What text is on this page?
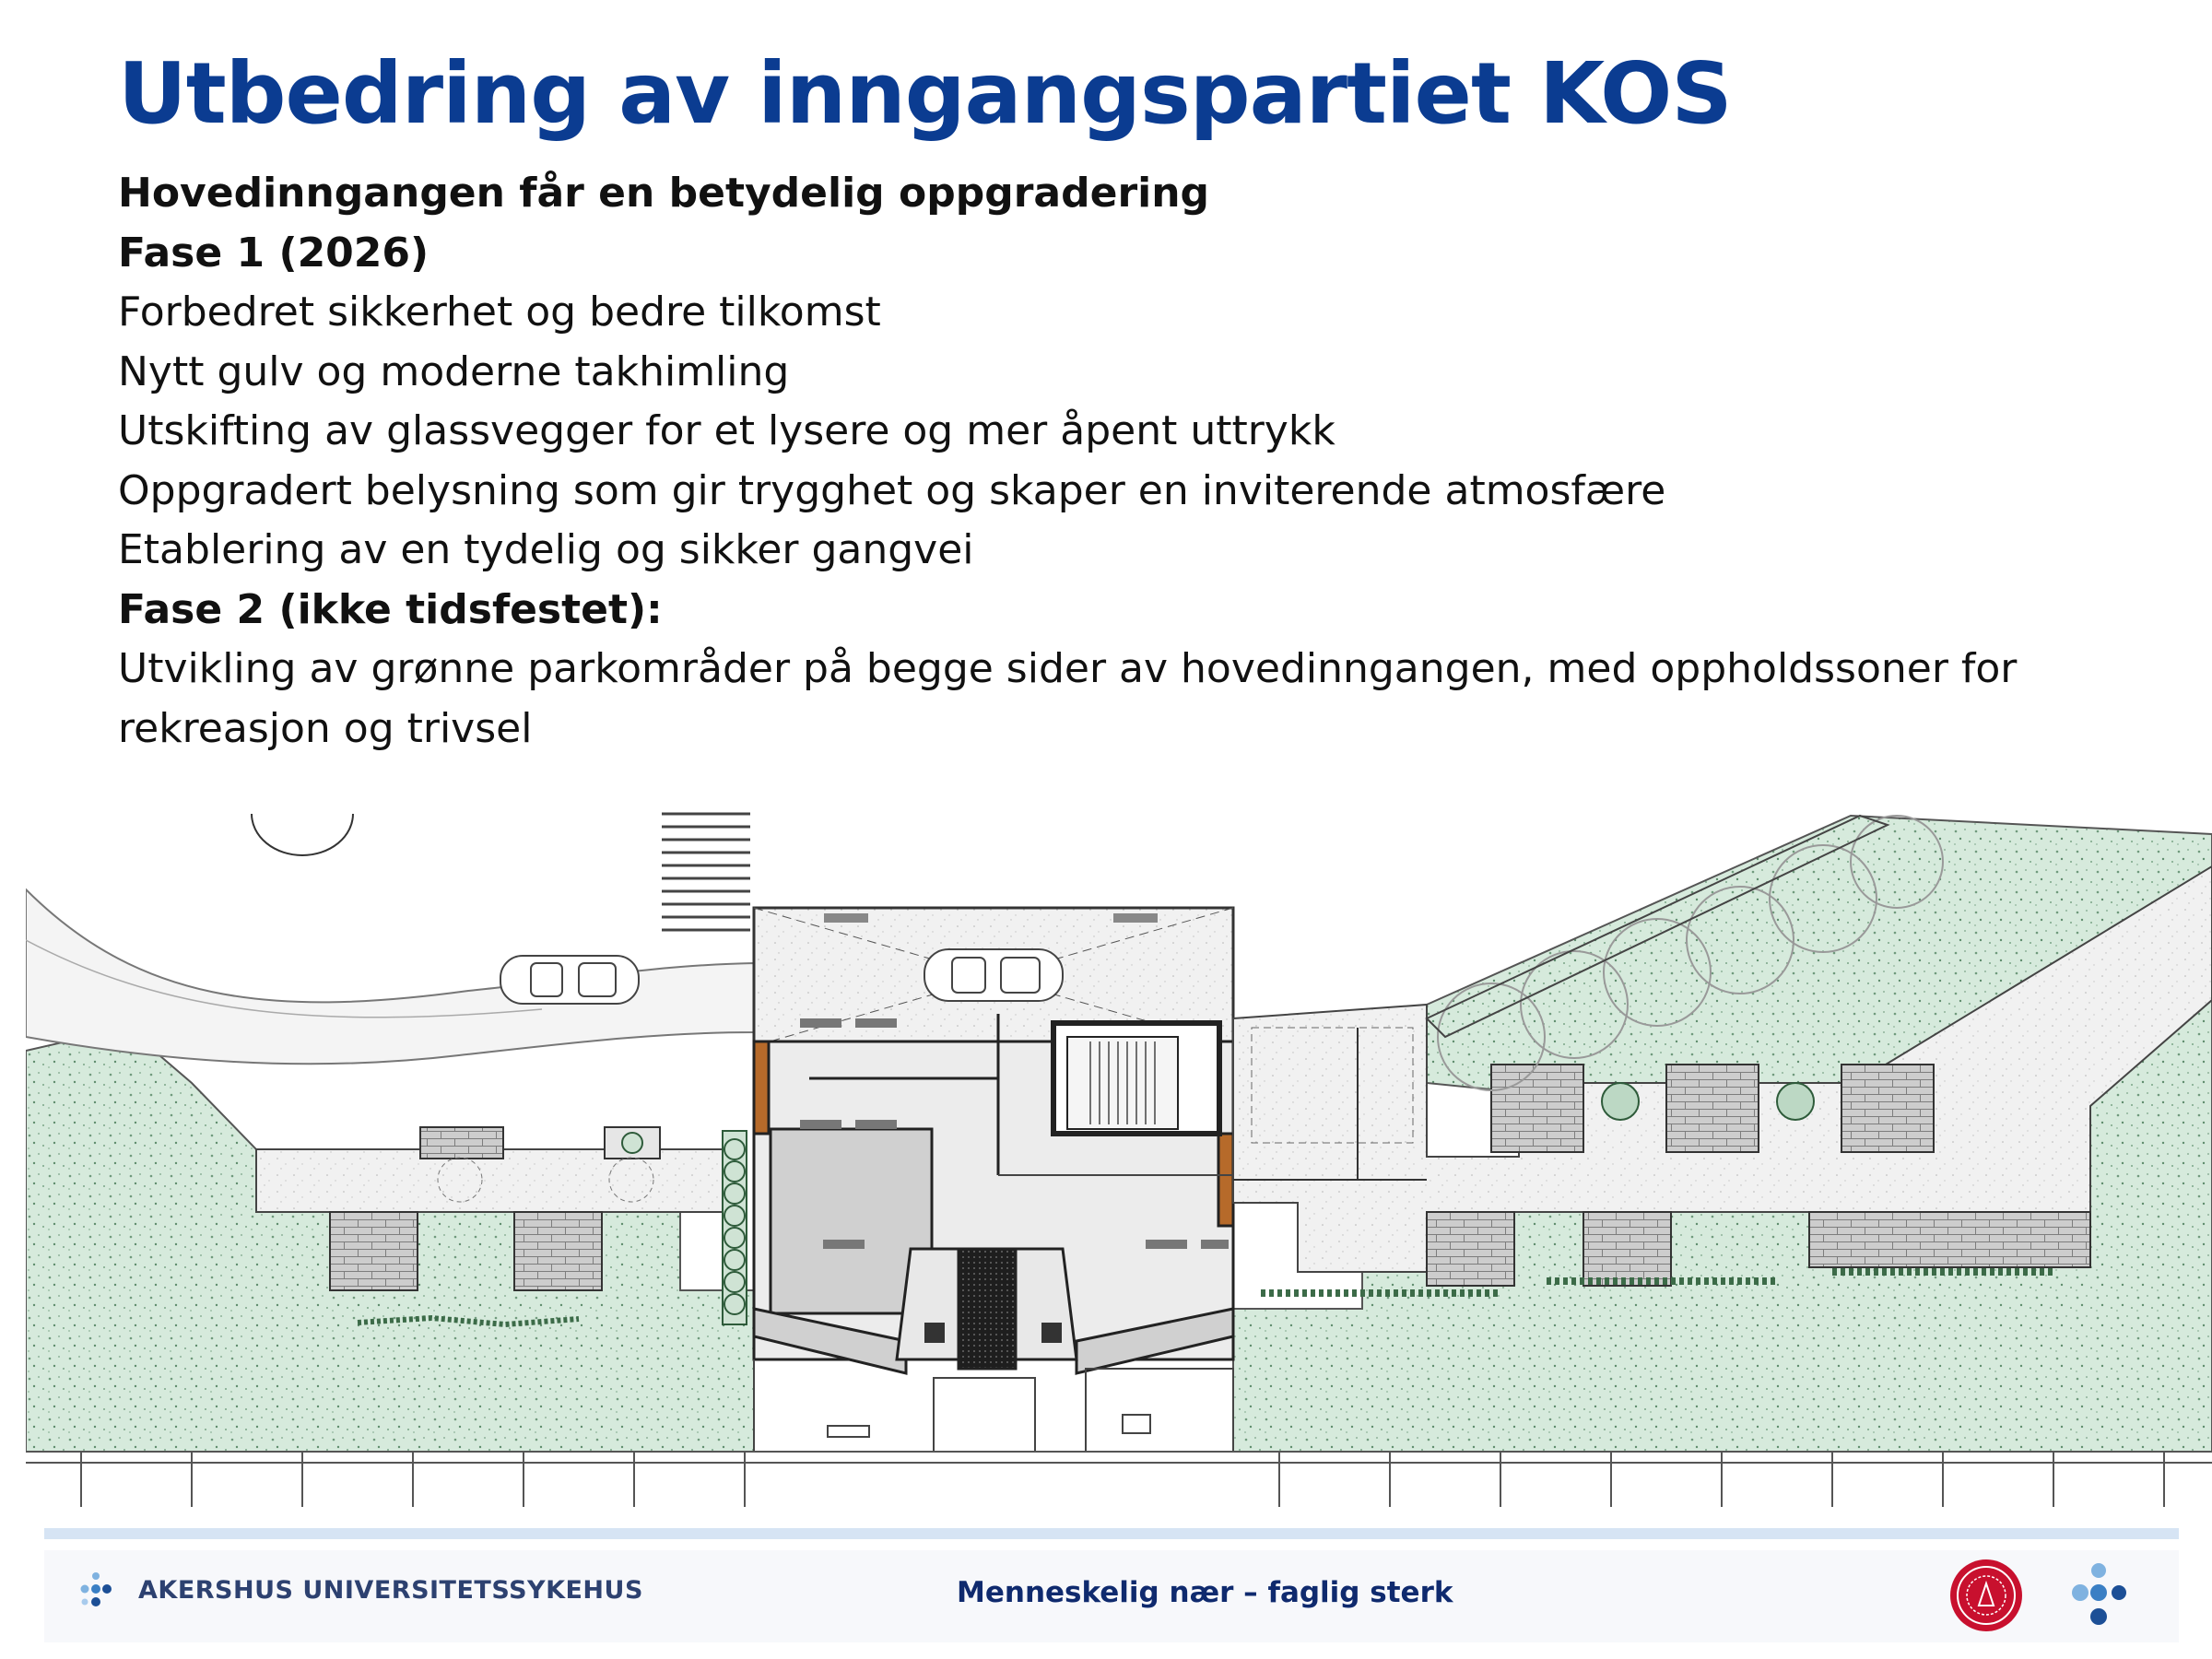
Utbedring av inngangspartiet KOS
Hovedinngangen får en betydelig oppgradering
Fase 1 (2026)
Forbedret sikkerhet og bedre tilkomst
Nytt gulv og moderne takhimling
Utskifting av glassvegger for et lysere og mer åpent uttrykk
Oppgradert belysning som gir trygghet og skaper en inviterende atmosfære
Etablering av en tydelig og sikker gangvei
Fase 2 (ikke tidsfestet):
Utvikling av grønne parkområder på begge sider av hovedinngangen, med oppholdssoner for rekreasjon og trivsel
AKERSHUS UNIVERSITETSSYKEHUS	Menneskelig nær – faglig sterk
